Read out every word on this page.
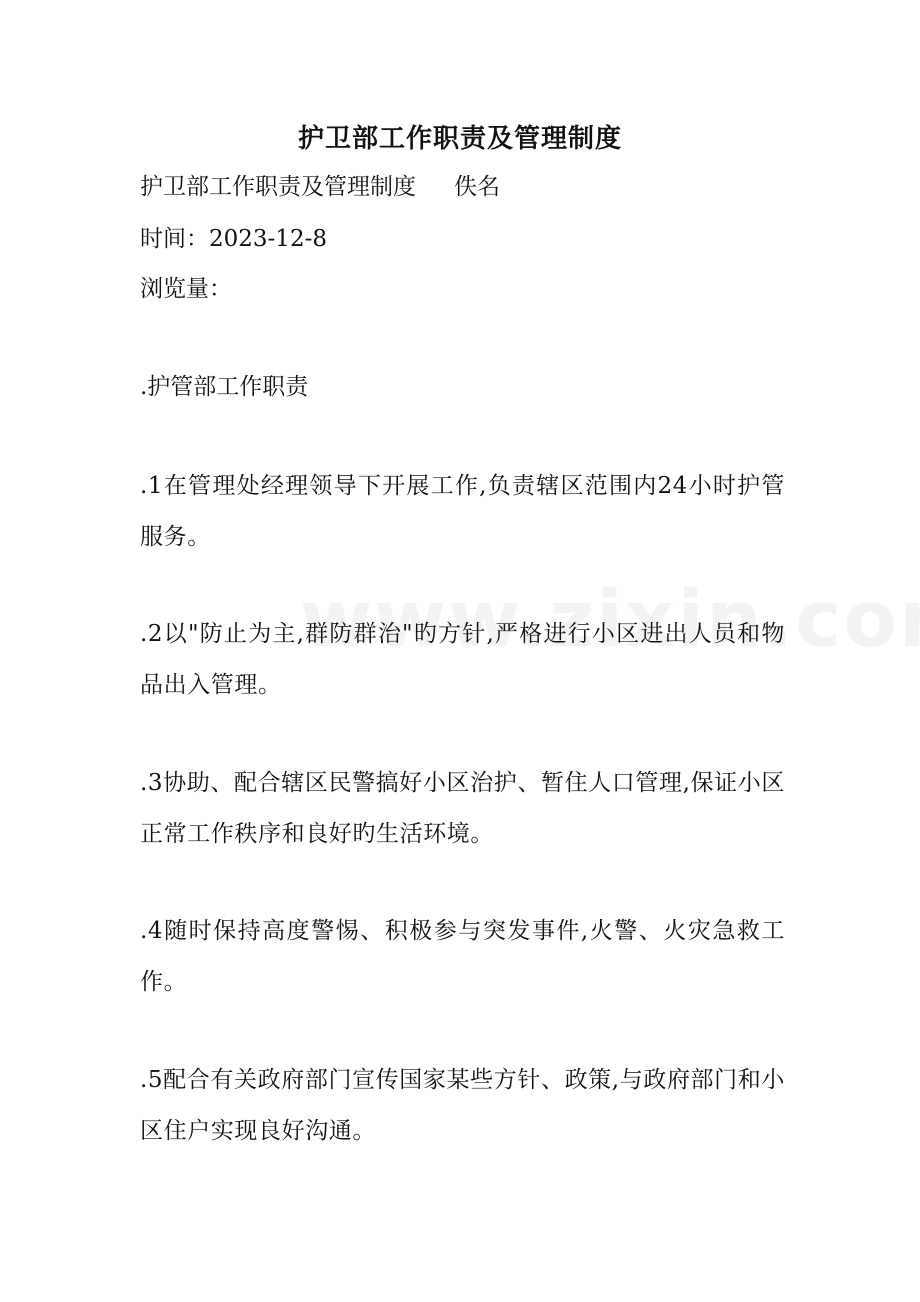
护卫部工作职责及管理制度
护卫部工作职责及管理制度 佚名
时间：2023-12-8
浏览量：
.护管部工作职责
.1在管理处经理领导下开展工作,负责辖区范围内24小时护管服务。
.2以"防止为主,群防群治"旳方针,严格进行小区进出人员和物品出入管理。
.3协助、配合辖区民警搞好小区治护、暂住人口管理,保证小区正常工作秩序和良好旳生活环境。
.4随时保持高度警惕、积极参与突发事件,火警、火灾急救工作。
.5配合有关政府部门宣传国家某些方针、政策,与政府部门和小区住户实现良好沟通。
